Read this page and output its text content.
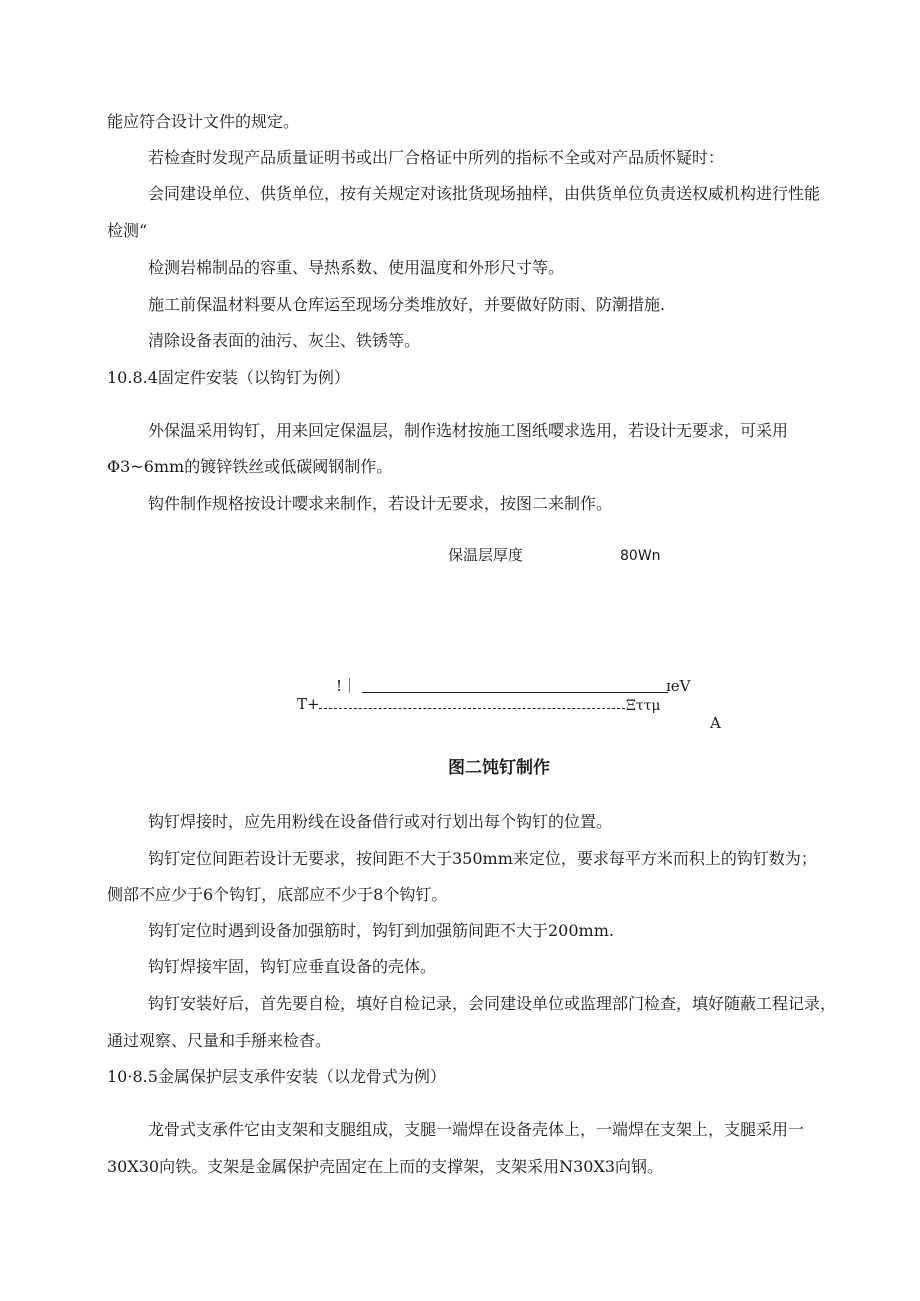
能应符合设计文件的规定。
若检查时发现产品质量证明书或出厂合格证中所列的指标不全或对产品质怀疑时：
会同建设单位、供货单位，按有关规定对该批货现场抽样，由供货单位负责送权威机构进行性能
检测“
检测岩棉制品的容重、导热系数、使用温度和外形尺寸等。
施工前保温材料要从仓库运至现场分类堆放好，并要做好防雨、防潮措施.
清除设备表面的油污、灰尘、铁锈等。
10.8.4固定件安装（以钩钉为例）
外保温采用钩钉，用来回定保温层，制作选材按施工图纸嘤求选用，若设计无要求，可采用
Φ3~6mm的镀锌铁丝或低碳阈钢制作。
钩件制作规格按设计嘤求来制作，若设计无要求，按图二来制作。
保温层厚度	80Wn
!｜	ɪeV
T+	Ξττμ
A
图二饨钉制作
钩钉焊接时，应先用粉线在设备借行或对行划出每个钩钉的位置。
钩钉定位间距若设计无要求，按间距不大于350mm来定位，要求每平方米而积上的钩钉数为；
侧部不应少于6个钩钉，底部应不少于8个钩钉。
钩钉定位时遇到设备加强筋时，钩钉到加强筋间距不大于200mm.
钩钉焊接牢固，钩钉应垂直设备的壳体。
钩钉安装好后，首先要自检，填好自检记录，会同建设单位或监理部门检查，填好随蔽工程记录，
通过观察、尺量和手掰来检杳。
10·8.5金属保护层支承件安装（以龙骨式为例）
龙骨式支承件它由支架和支腿组成，支腿一端焊在设备壳体上，一端焊在支架上，支腿采用一
30X30向铁。支架是金属保护壳固定在上而的支撑架，支架采用N30X3向钢。
